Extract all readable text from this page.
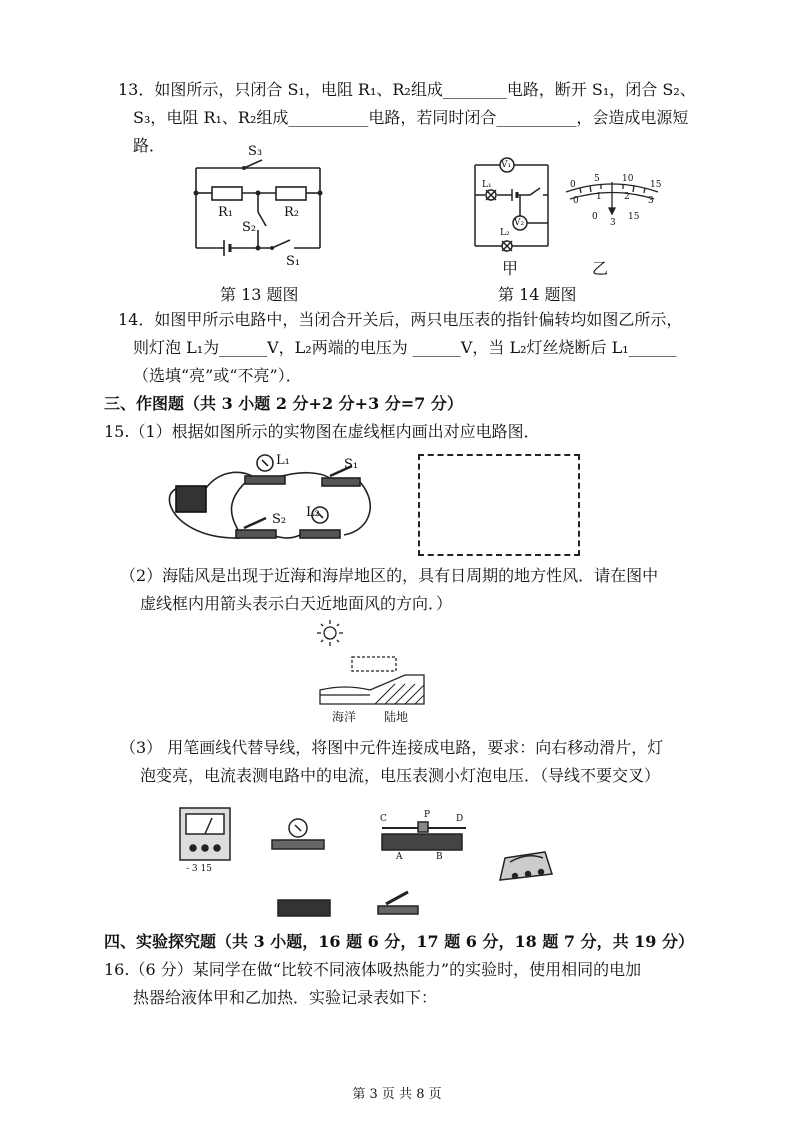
13．如图所示，只闭合 S₁，电阻 R₁、R₂组成________电路，断开 S₁，闭合 S₂、
S₃，电阻 R₁、R₂组成__________电路，若同时闭合__________，会造成电源短
路．	S₃
R₁	R₂
S₂
S₁
第 13 题图
V₁
L₁
V₂
L₂
甲	乙
0
5 10
15
0 1 2 3
0
3
15
第 14 题图
14．如图甲所示电路中，当闭合开关后，两只电压表的指针偏转均如图乙所示，
则灯泡 L₁为______V，L₂两端的电压为 ______V，当 L₂灯丝烧断后 L₁______
（选填“亮”或“不亮”）．
三、作图题（共 3 小题 2 分+2 分+3 分=7 分）
15.（1）根据如图所示的实物图在虚线框内画出对应电路图．
L₁	S₁
S₂ L₂
（2）海陆风是出现于近海和海岸地区的，具有日周期的地方性风．请在图中
虚线框内用箭头表示白天近地面风的方向．）
海洋 陆地
（3） 用笔画线代替导线，将图中元件连接成电路，要求：向右移动滑片，灯
泡变亮，电流表测电路中的电流，电压表测小灯泡电压．（导线不要交叉）
C	P	D
A	B
- 3 15
四、实验探究题（共 3 小题，16 题 6 分，17 题 6 分，18 题 7 分，共 19 分）
16.（6 分）某同学在做“比较不同液体吸热能力”的实验时，使用相同的电加
热器给液体甲和乙加热．实验记录表如下：
第 3 页 共 8 页
